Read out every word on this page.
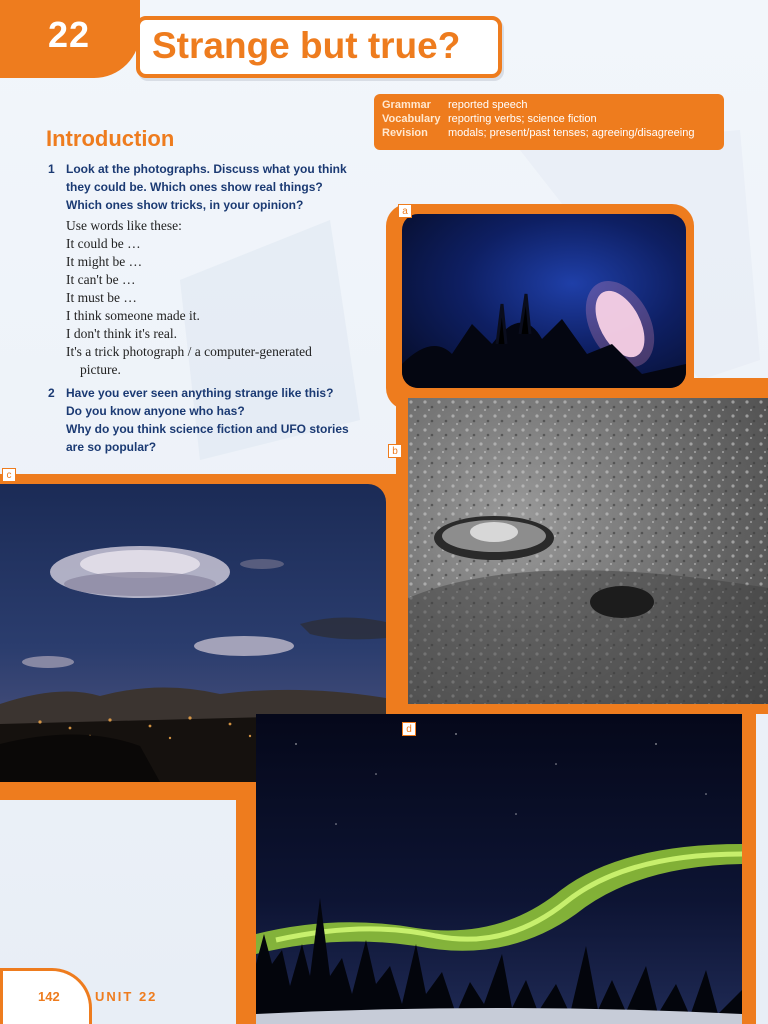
22 Strange but true?
Grammar	reported speech
Vocabulary reporting verbs; science fiction
Revision	modals; present/past tenses; agreeing/disagreeing
Introduction
1 Look at the photographs. Discuss what you think
they could be. Which ones show real things?
Which ones show tricks, in your opinion?
Use words like these:
It could be …
It might be …
It can't be …
It must be …
I think someone made it.
I don't think it's real.
It's a trick photograph / a computer-generated
picture.
2 Have you ever seen anything strange like this?
Do you know anyone who has?
Why do you think science fiction and UFO stories
are so popular?
a
b
c
d
142	UNIT 22
